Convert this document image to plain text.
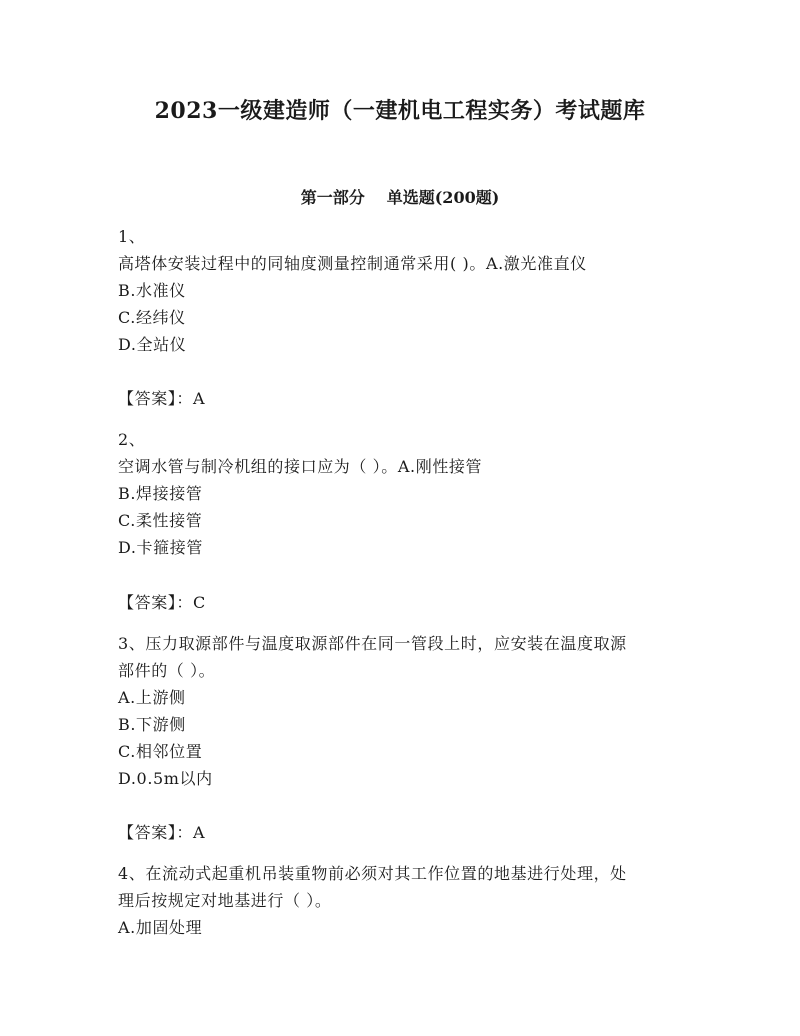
2023一级建造师（一建机电工程实务）考试题库
第一部分 单选题(200题)
1、
高塔体安装过程中的同轴度测量控制通常采用( )。A.激光准直仪
B.水准仪
C.经纬仪
D.全站仪
【答案】：A
2、
空调水管与制冷机组的接口应为（ ）。A.刚性接管
B.焊接接管
C.柔性接管
D.卡箍接管
【答案】：C
3、压力取源部件与温度取源部件在同一管段上时，应安装在温度取源
部件的（ ）。
A.上游侧
B.下游侧
C.相邻位置
D.0.5m以内
【答案】：A
4、在流动式起重机吊装重物前必须对其工作位置的地基进行处理，处
理后按规定对地基进行（ ）。
A.加固处理
